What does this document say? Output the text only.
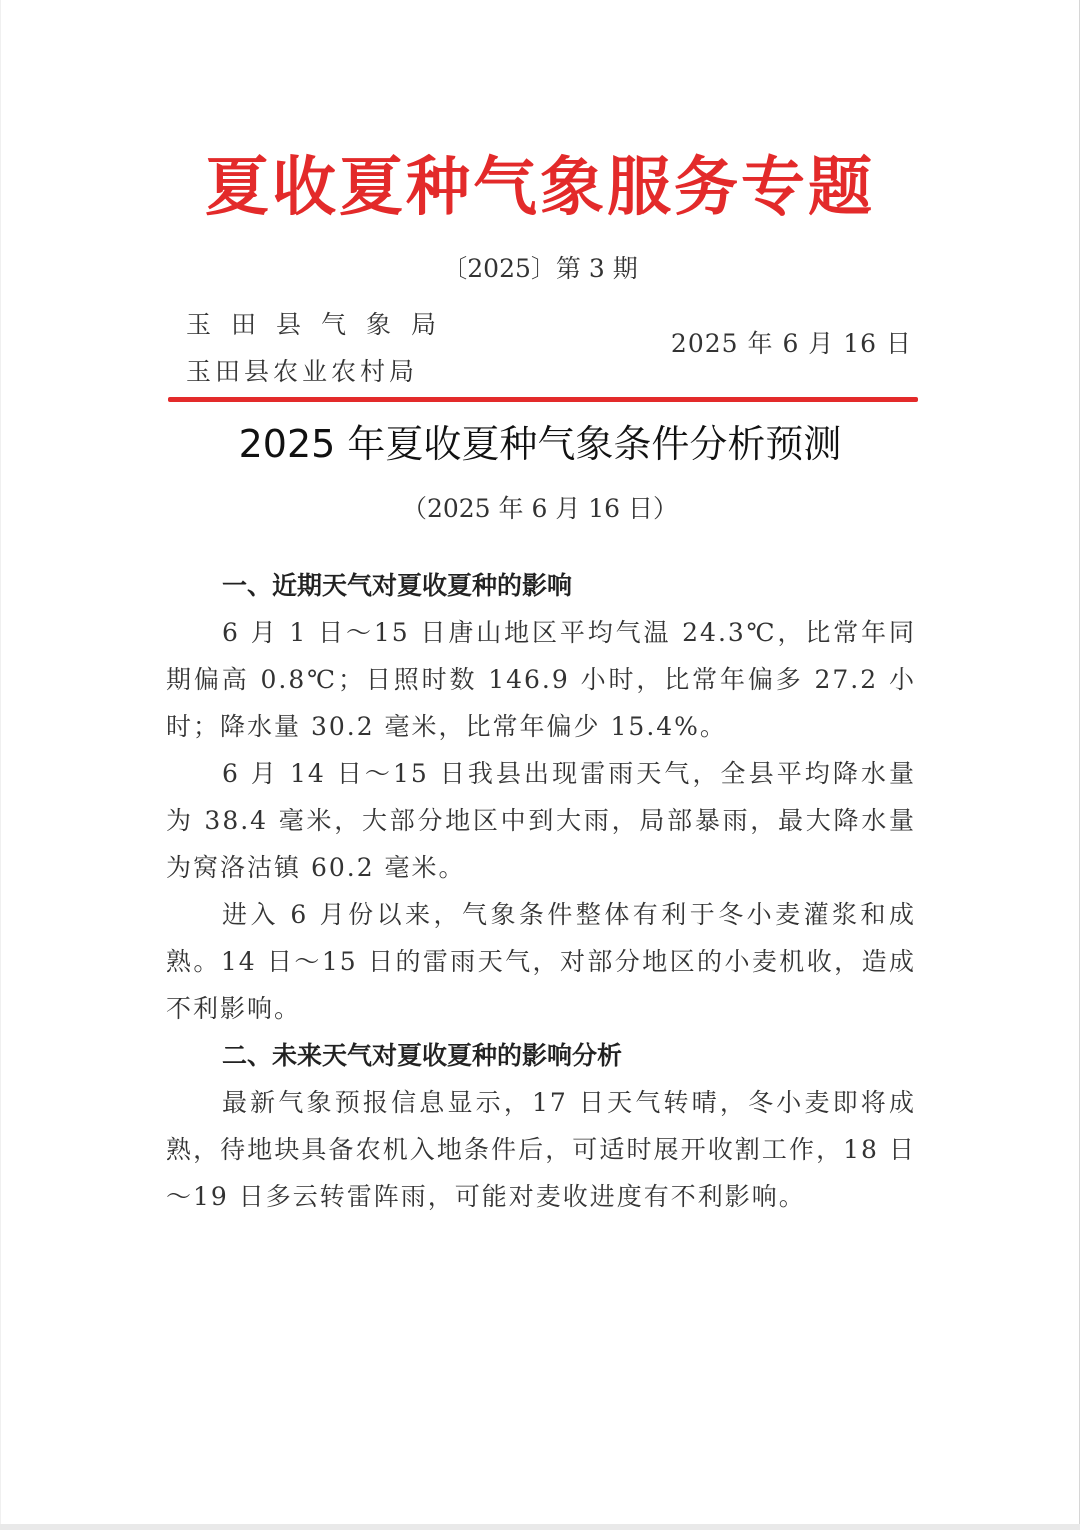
夏收夏种气象服务专题
〔2025〕第 3 期
玉田县气象局
玉田县农业农村局
2025 年 6 月 16 日
2025 年夏收夏种气象条件分析预测
（2025 年 6 月 16 日）
一、近期天气对夏收夏种的影响

6 月 1 日～15 日唐山地区平均气温 24.3℃，比常年同期偏高 0.8℃；日照时数 146.9 小时，比常年偏多 27.2 小时；降水量 30.2 毫米，比常年偏少 15.4%。

6 月 14 日～15 日我县出现雷雨天气，全县平均降水量为 38.4 毫米，大部分地区中到大雨，局部暴雨，最大降水量为窝洛沽镇 60.2 毫米。

进入 6 月份以来，气象条件整体有利于冬小麦灌浆和成熟。14 日～15 日的雷雨天气，对部分地区的小麦机收，造成不利影响。

二、未来天气对夏收夏种的影响分析

最新气象预报信息显示，17 日天气转晴，冬小麦即将成熟，待地块具备农机入地条件后，可适时展开收割工作，18 日～19 日多云转雷阵雨，可能对麦收进度有不利影响。
